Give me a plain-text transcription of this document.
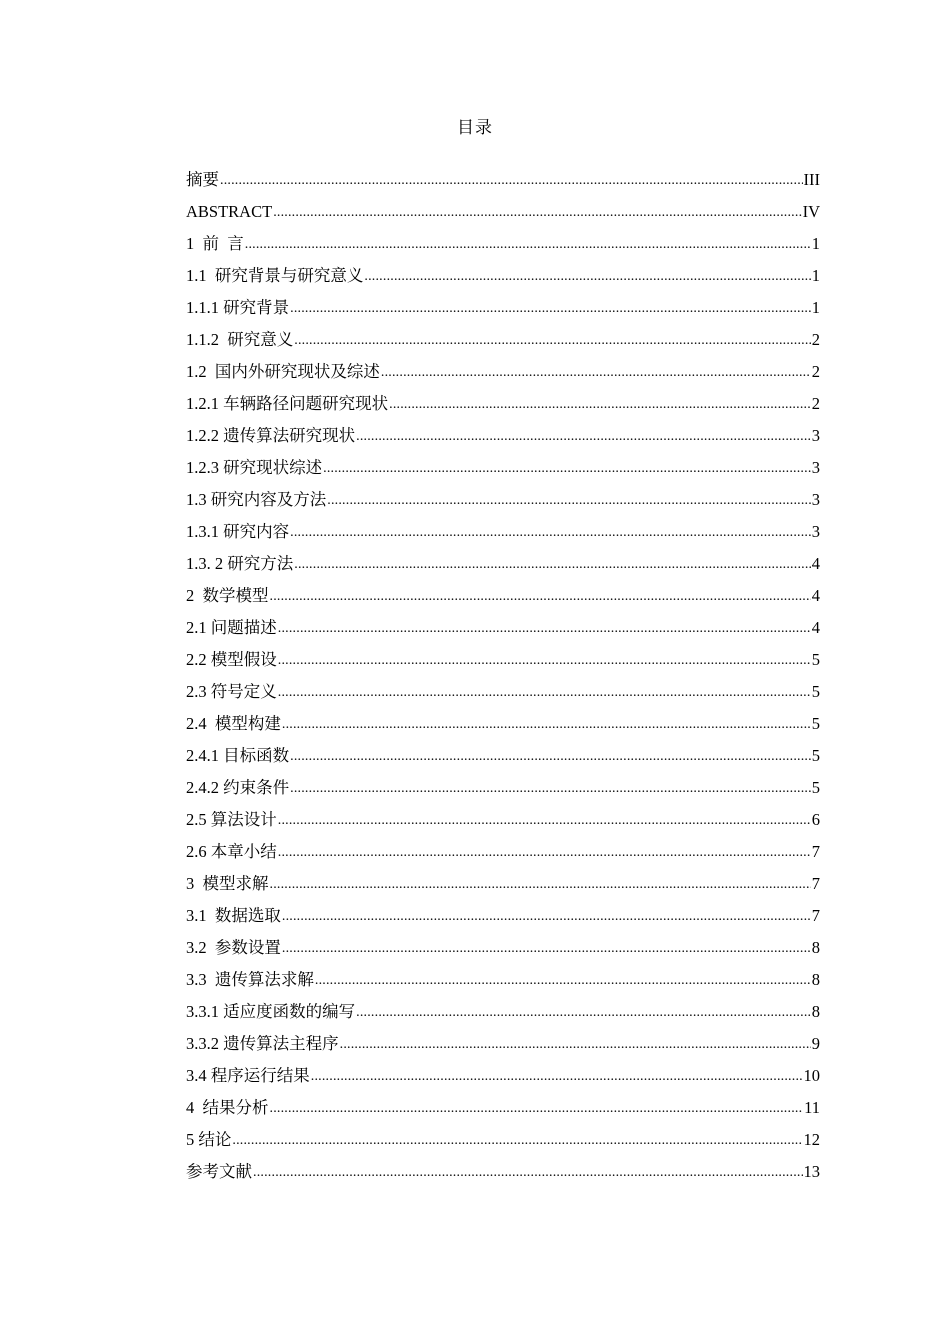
目录
摘要 .....	III
ABSTRACT .....	IV
1  前  言 .....	1
1.1  研究背景与研究意义 .....	1
1.1.1 研究背景 .....	1
1.1.2  研究意义 .....	2
1.2  国内外研究现状及综述 .....	2
1.2.1 车辆路径问题研究现状 .....	2
1.2.2 遗传算法研究现状 .....	3
1.2.3 研究现状综述 .....	3
1.3 研究内容及方法 .....	3
1.3.1 研究内容 .....	3
1.3. 2 研究方法 .....	4
2  数学模型 .....	4
2.1 问题描述 .....	4
2.2 模型假设 .....	5
2.3 符号定义 .....	5
2.4  模型构建 .....	5
2.4.1 目标函数 .....	5
2.4.2 约束条件 .....	5
2.5 算法设计 .....	6
2.6 本章小结 .....	7
3  模型求解 .....	7
3.1  数据选取 .....	7
3.2  参数设置 .....	8
3.3  遗传算法求解 .....	8
3.3.1 适应度函数的编写 .....	8
3.3.2 遗传算法主程序 .....	9
3.4 程序运行结果 .....	10
4  结果分析 .....	11
5 结论 .....	12
参考文献 .....	13
